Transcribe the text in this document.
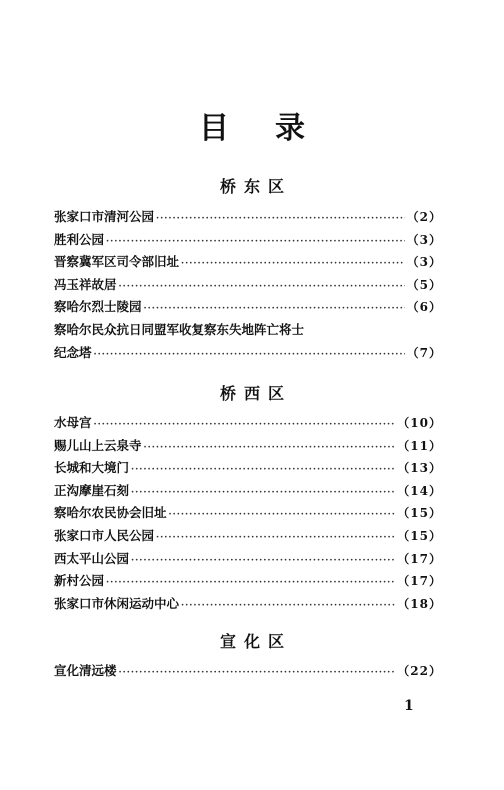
目录
桥东区
张家口市清河公园 ·····	（2）
胜利公园 ·····	（3）
晋察冀军区司令部旧址 ·····	（3）
冯玉祥故居 ·····	（5）
察哈尔烈士陵园 ·····	（6）
察哈尔民众抗日同盟军收复察东失地阵亡将士
纪念塔 ·····	（7）
桥西区
水母宫 ·····	（10）
赐儿山上云泉寺 ·····	（11）
长城和大境门 ·····	（13）
正沟摩崖石刻 ·····	（14）
察哈尔农民协会旧址 ·····	（15）
张家口市人民公园 ·····	（15）
西太平山公园 ·····	（17）
新村公园 ·····	（17）
张家口市休闲运动中心 ·····	（18）
宣化区
宣化清远楼 ·····	（22）
1
